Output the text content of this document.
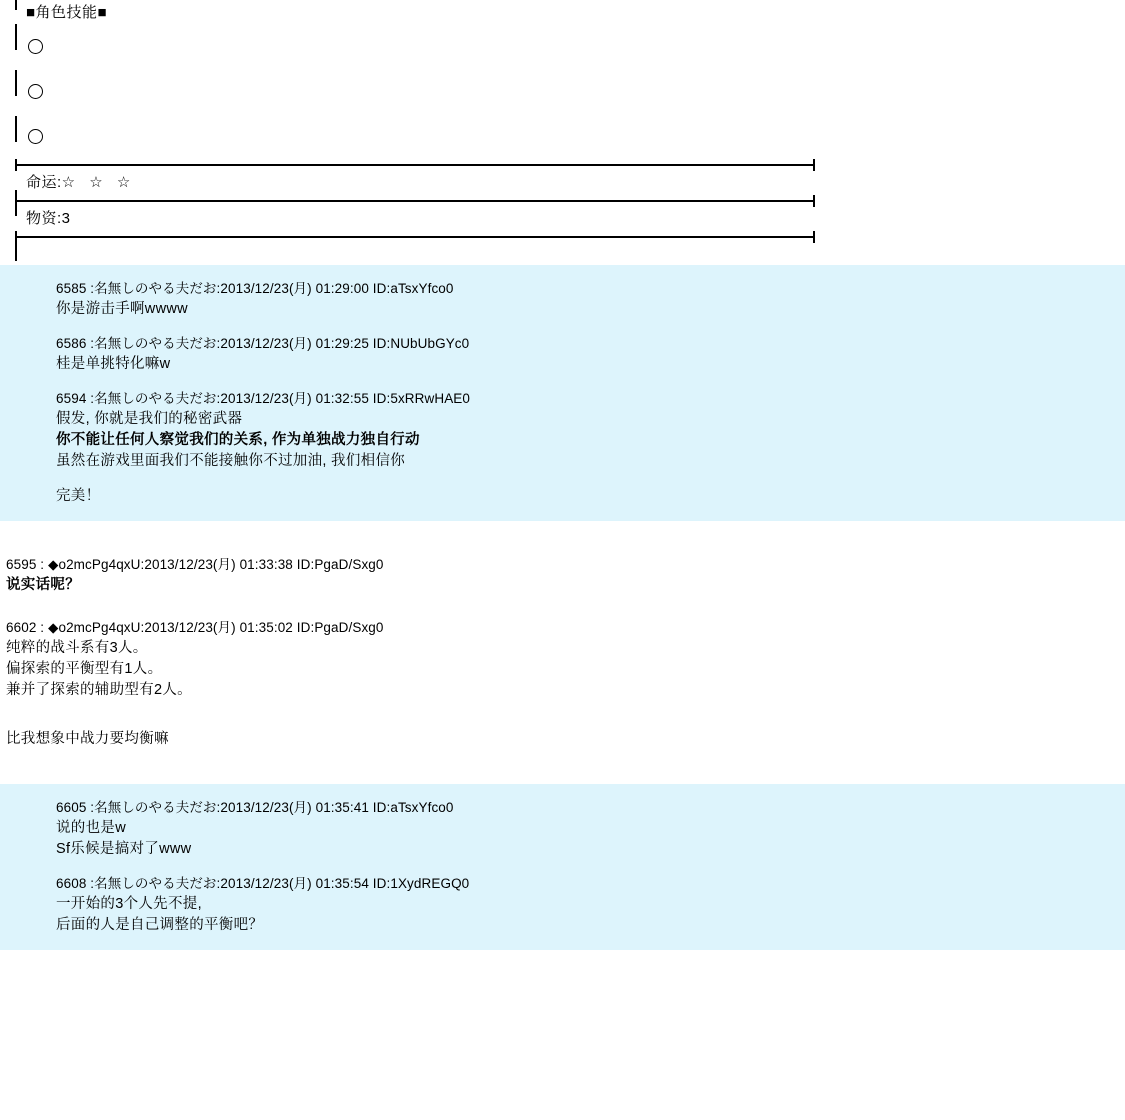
■角色技能■
命运:☆ ☆ ☆
物资:3
6585 :名無しのやる夫だお:2013/12/23(月) 01:29:00 ID:aTsxYfco0
你是游击手啊wwww
6586 :名無しのやる夫だお:2013/12/23(月) 01:29:25 ID:NUbUbGYc0
桂是单挑特化嘛w
6594 :名無しのやる夫だお:2013/12/23(月) 01:32:55 ID:5xRRwHAE0
假发, 你就是我们的秘密武器
你不能让任何人察觉我们的关系, 作为单独战力独自行动
虽然在游戏里面我们不能接触你不过加油, 我们相信你
完美！
6595 : ◆o2mcPg4qxU:2013/12/23(月) 01:33:38 ID:PgaD/Sxg0
说实话呢？
6602 : ◆o2mcPg4qxU:2013/12/23(月) 01:35:02 ID:PgaD/Sxg0
纯粹的战斗系有3人。
偏探索的平衡型有1人。
兼并了探索的辅助型有2人。
比我想象中战力要均衡嘛
6605 :名無しのやる夫だお:2013/12/23(月) 01:35:41 ID:aTsxYfco0
说的也是w
Sf乐候是搞对了www
6608 :名無しのやる夫だお:2013/12/23(月) 01:35:54 ID:1XydREGQ0
一开始的3个人先不提,
后面的人是自己调整的平衡吧？
